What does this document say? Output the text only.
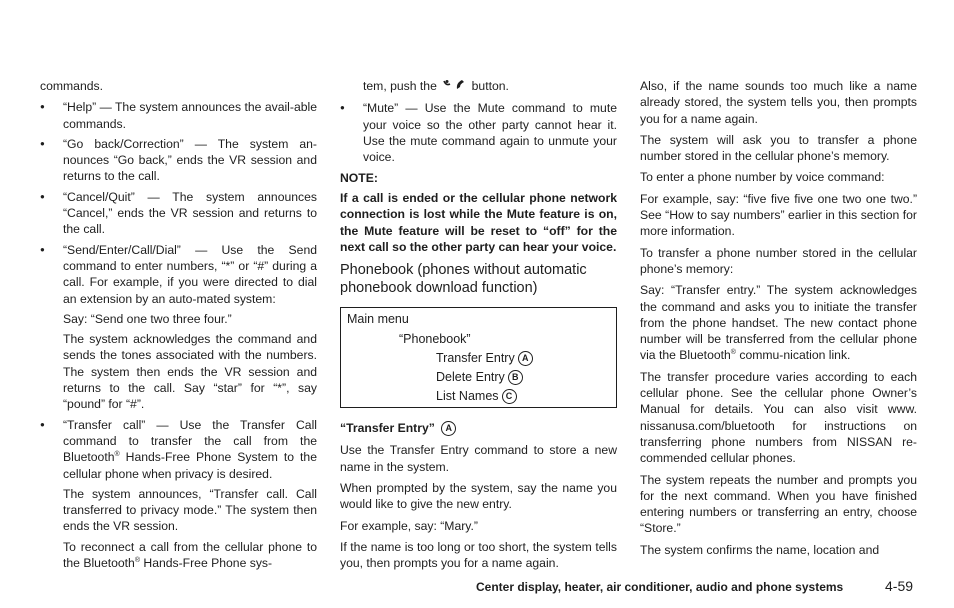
commands.

● “Help” — The system announces the avail-able commands.

● “Go back/Correction” — The system an-nounces “Go back,” ends the VR session and returns to the call.

● “Cancel/Quit” — The system announces “Cancel,” ends the VR session and returns to the call.

● “Send/Enter/Call/Dial” — Use the Send command to enter numbers, “*” or “#” during a call. For example, if you were directed to dial an extension by an auto-mated system:

Say: “Send one two three four.”

The system acknowledges the command and sends the tones associated with the numbers. The system then ends the VR session and returns to the call. Say “star” for “*”, say “pound” for “#”.

● “Transfer call” — Use the Transfer Call command to transfer the call from the Bluetooth® Hands-Free Phone System to the cellular phone when privacy is desired.

The system announces, “Transfer call. Call transferred to privacy mode.” The system then ends the VR session.

To reconnect a call from the cellular phone to the Bluetooth® Hands-Free Phone sys-

tem, push the	button.

● “Mute” — Use the Mute command to mute your voice so the other party cannot hear it. Use the mute command again to unmute your voice.

NOTE:

If a call is ended or the cellular phone network connection is lost while the Mute feature is on, the Mute feature will be reset to “off” for the next call so the other party can hear your voice.

Phonebook (phones without automatic phonebook download function)
Main menu
“Phonebook”
Transfer Entry A
Delete Entry B
List Names C
“Transfer Entry” A

Use the Transfer Entry command to store a new name in the system.

When prompted by the system, say the name you would like to give the new entry.

For example, say: “Mary.”

If the name is too long or too short, the system tells you, then prompts you for a name again.

Also, if the name sounds too much like a name already stored, the system tells you, then prompts you for a name again.

The system will ask you to transfer a phone number stored in the cellular phone’s memory.

To enter a phone number by voice command:

For example, say: “five five five one two one two.” See “How to say numbers” earlier in this section for more information.

To transfer a phone number stored in the cellular phone’s memory:

Say: “Transfer entry.” The system acknowledges the command and asks you to initiate the transfer from the phone handset. The new contact phone number will be transferred from the cellular phone via the Bluetooth® commu-nication link.

The transfer procedure varies according to each cellular phone. See the cellular phone Owner’s Manual for details. You can also visit www. nissanusa.com/bluetooth for instructions on transferring phone numbers from NISSAN re-commended cellular phones.

The system repeats the number and prompts you for the next command. When you have finished entering numbers or transferring an entry, choose “Store.”

The system confirms the name, location and

Center display, heater, air conditioner, audio and phone systems	4-59
